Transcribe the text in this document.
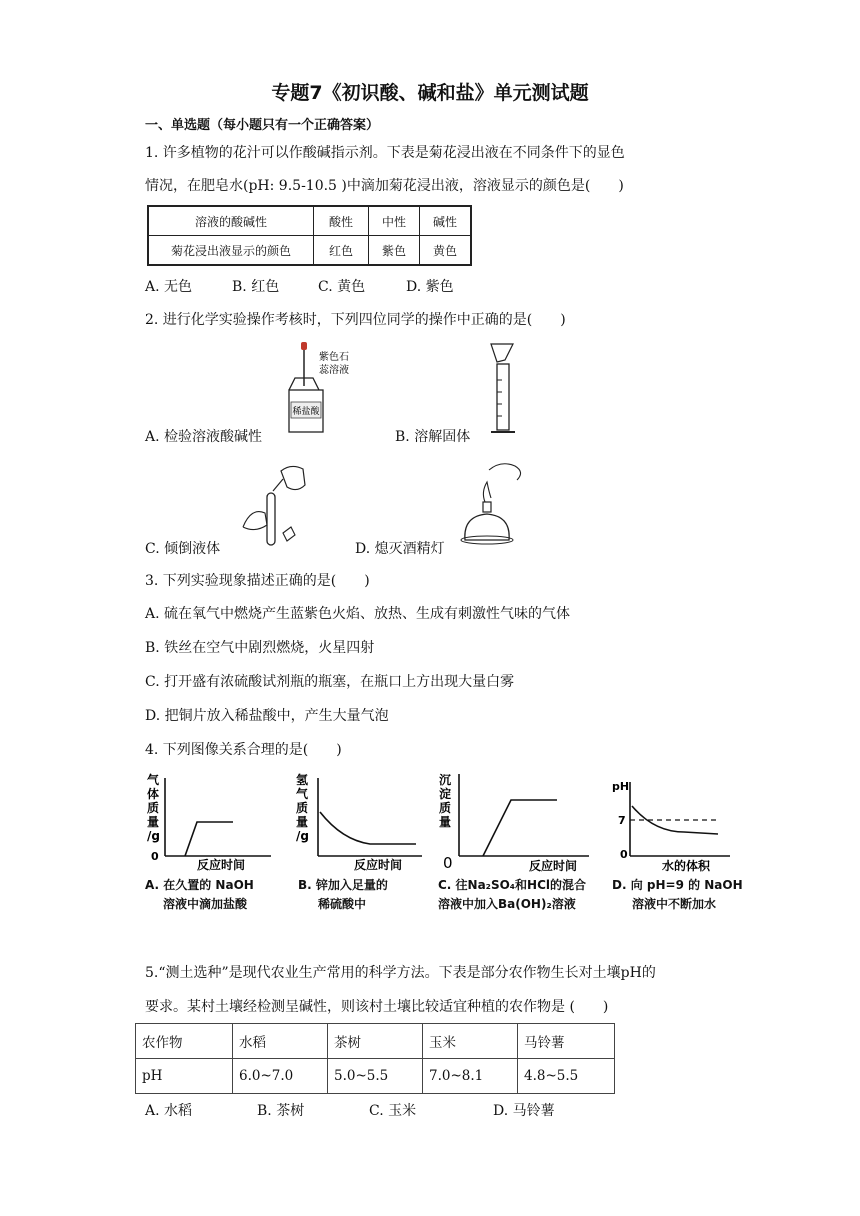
专题7《初识酸、碱和盐》单元测试题
一、单选题（每小题只有一个正确答案）
1. 许多植物的花汁可以作酸碱指示剂。下表是菊花浸出液在不同条件下的显色
情况，在肥皂水(pH: 9.5-10.5 )中滴加菊花浸出液，溶液显示的颜色是(　　)
溶液的酸碱性	酸性	中性	碱性
菊花浸出液显示的颜色	红色	紫色	黄色
A. 无色	B. 红色	C. 黄色	D. 紫色
2. 进行化学实验操作考核时，下列四位同学的操作中正确的是(　　)
稀盐酸
紫色石
蕊溶液
A. 检验溶液酸碱性	B. 溶解固体
C. 倾倒液体	D. 熄灭酒精灯
3. 下列实验现象描述正确的是(　　)
A. 硫在氧气中燃烧产生蓝紫色火焰、放热、生成有刺激性气味的气体
B. 铁丝在空气中剧烈燃烧，火星四射
C. 打开盛有浓硫酸试剂瓶的瓶塞，在瓶口上方出现大量白雾
D. 把铜片放入稀盐酸中，产生大量气泡
4. 下列图像关系合理的是(　　)
气
体
质
量
/g
0
反应时间
A. 在久置的 NaOH
溶液中滴加盐酸
氢
气
质
量
/g
反应时间
B. 锌加入足量的
稀硫酸中
沉
淀
质
量
0	反应时间
C. 往Na₂SO₄和HCl的混合
溶液中加入Ba(OH)₂溶液
pH
7
0
水的体积
D. 向 pH=9 的 NaOH
溶液中不断加水
5.“测土选种”是现代农业生产常用的科学方法。下表是部分农作物生长对土壤pH的
要求。某村土壤经检测呈碱性，则该村土壤比较适宜种植的农作物是 (　　)
农作物	水稻	茶树	玉米	马铃薯
pH	6.0~7.0	5.0~5.5	7.0~8.1	4.8~5.5
A. 水稻	B. 茶树	C. 玉米	D. 马铃薯
